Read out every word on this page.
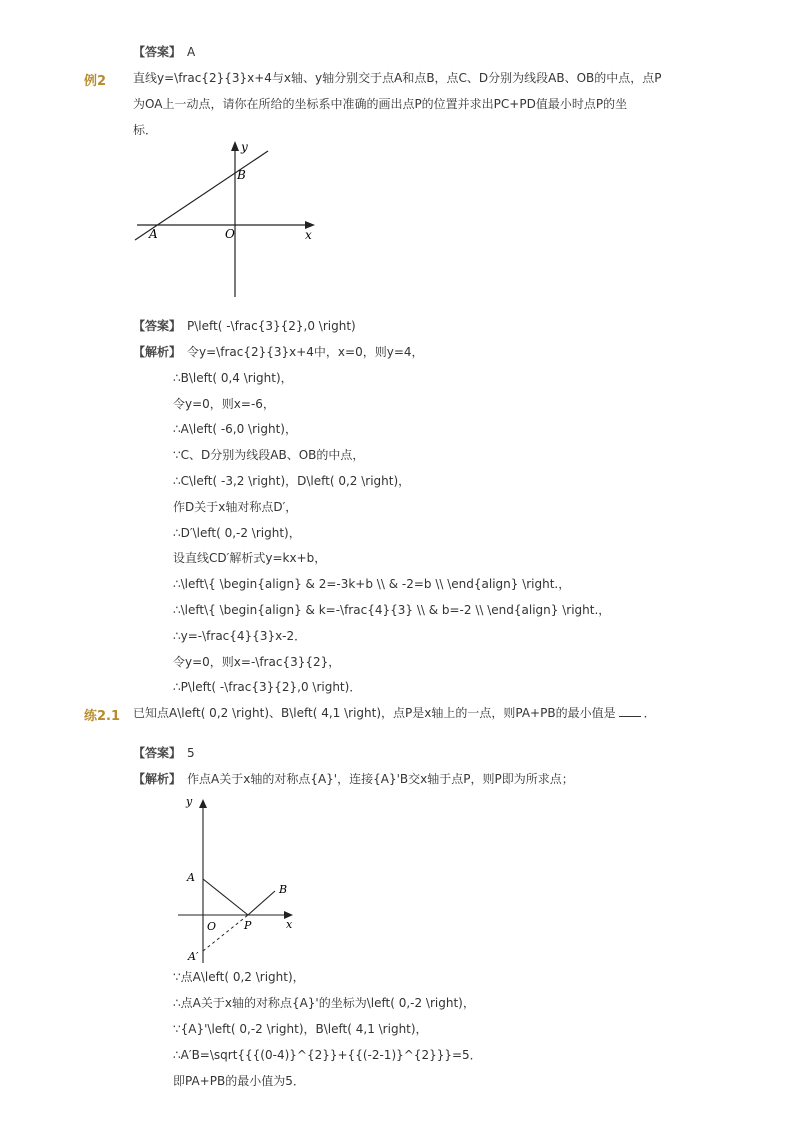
【答案】 A
例2 直线y=\frac{2}{3}x+4与x轴、y轴分别交于点A和点B，点C、D分别为线段AB、OB的中点，点P
为OA上一动点，请你在所给的坐标系中准确的画出点P的位置并求出PC+PD值最小时点P的坐
标．
y
B
A	O	x
【答案】 P\left( -\frac{3}{2},0 \right)
【解析】 令y=\frac{2}{3}x+4中，x=0，则y=4，
∴B\left( 0,4 \right)，
令y=0，则x=-6，
∴A\left( -6,0 \right)，
∵C、D分别为线段AB、OB的中点，
∴C\left( -3,2 \right)，D\left( 0,2 \right)，
作D关于x轴对称点D′，
∴D′\left( 0,-2 \right)，
设直线CD′解析式y=kx+b，
∴\left\{ \begin{align} & 2=-3k+b \\ & -2=b \\ \end{align} \right.，
∴\left\{ \begin{align} & k=-\frac{4}{3} \\ & b=-2 \\ \end{align} \right.，
∴y=-\frac{4}{3}x-2．
令y=0，则x=-\frac{3}{2}，
∴P\left( -\frac{3}{2},0 \right)．
练2.1 已知点A\left( 0,2 \right)、B\left( 4,1 \right)，点P是x轴上的一点，则PA+PB的最小值是 ．
【答案】 5
【解析】 作点A关于x轴的对称点{A}'，连接{A}'B交x轴于点P，则P即为所求点；
y
A
B
O	P	x
A′
∵点A\left( 0,2 \right)，
∴点A关于x轴的对称点{A}'的坐标为\left( 0,-2 \right)，
∵{A}'\left( 0,-2 \right)，B\left( 4,1 \right)，
∴A′B=\sqrt{{{(0-4)}^{2}}+{{(-2-1)}^{2}}}=5．
即PA+PB的最小值为5．
